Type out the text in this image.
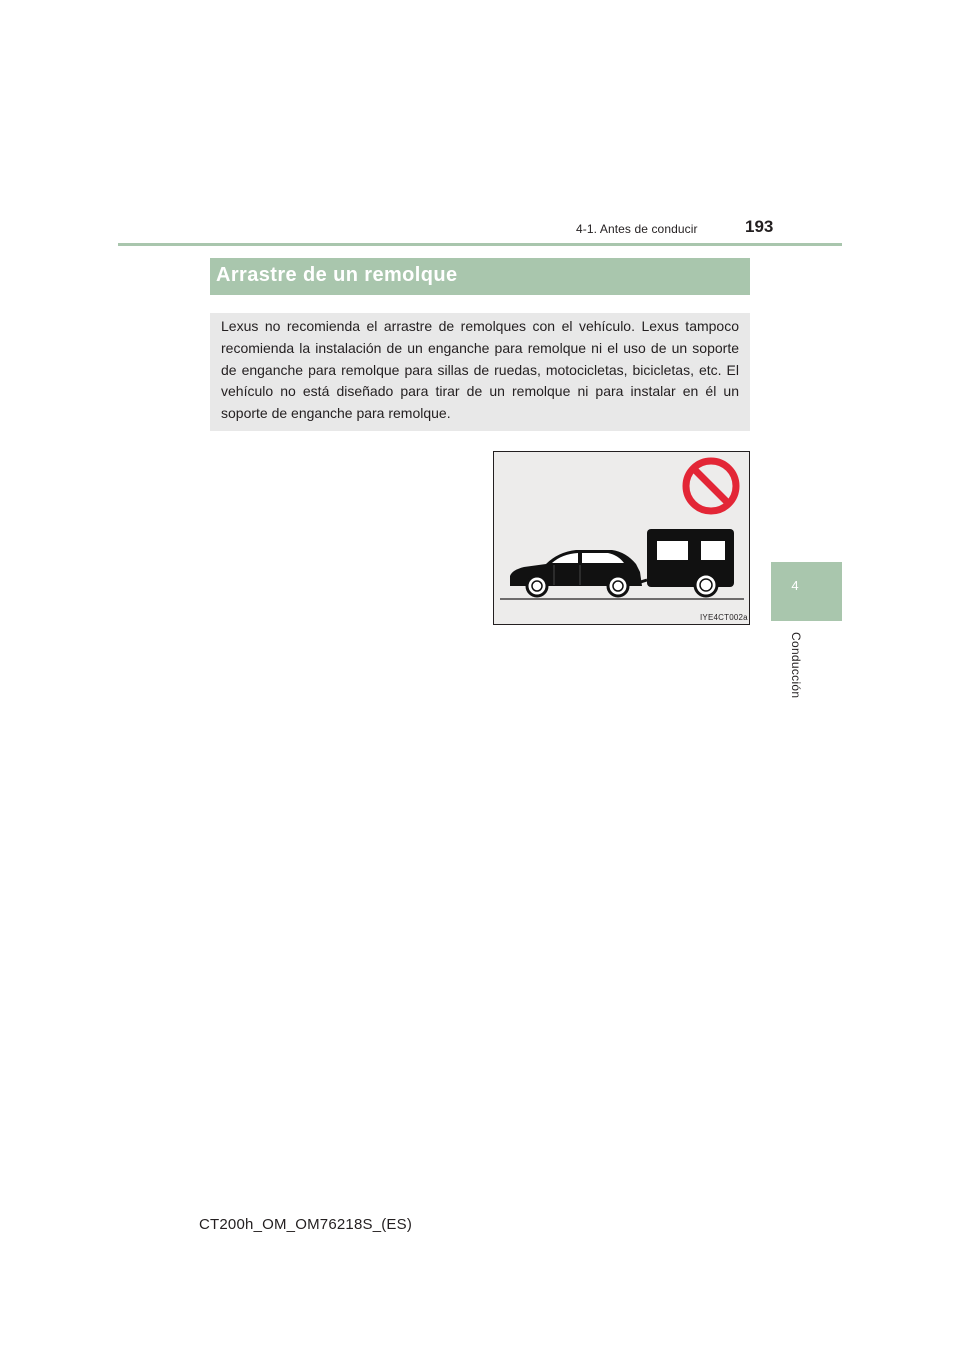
4-1. Antes de conducir	193
4
Conducción
Arrastre de un remolque

Lexus no recomienda el arrastre de remolques con el vehículo. Lexus tampoco recomienda la instalación de un enganche para remolque ni el uso de un soporte de enganche para remolque para sillas de ruedas, motocicletas, bicicletas, etc. El vehículo no está diseñado para tirar de un remolque ni para instalar en él un soporte de enganche para remolque.

IYE4CT002a
CT200h_OM_OM76218S_(ES)
